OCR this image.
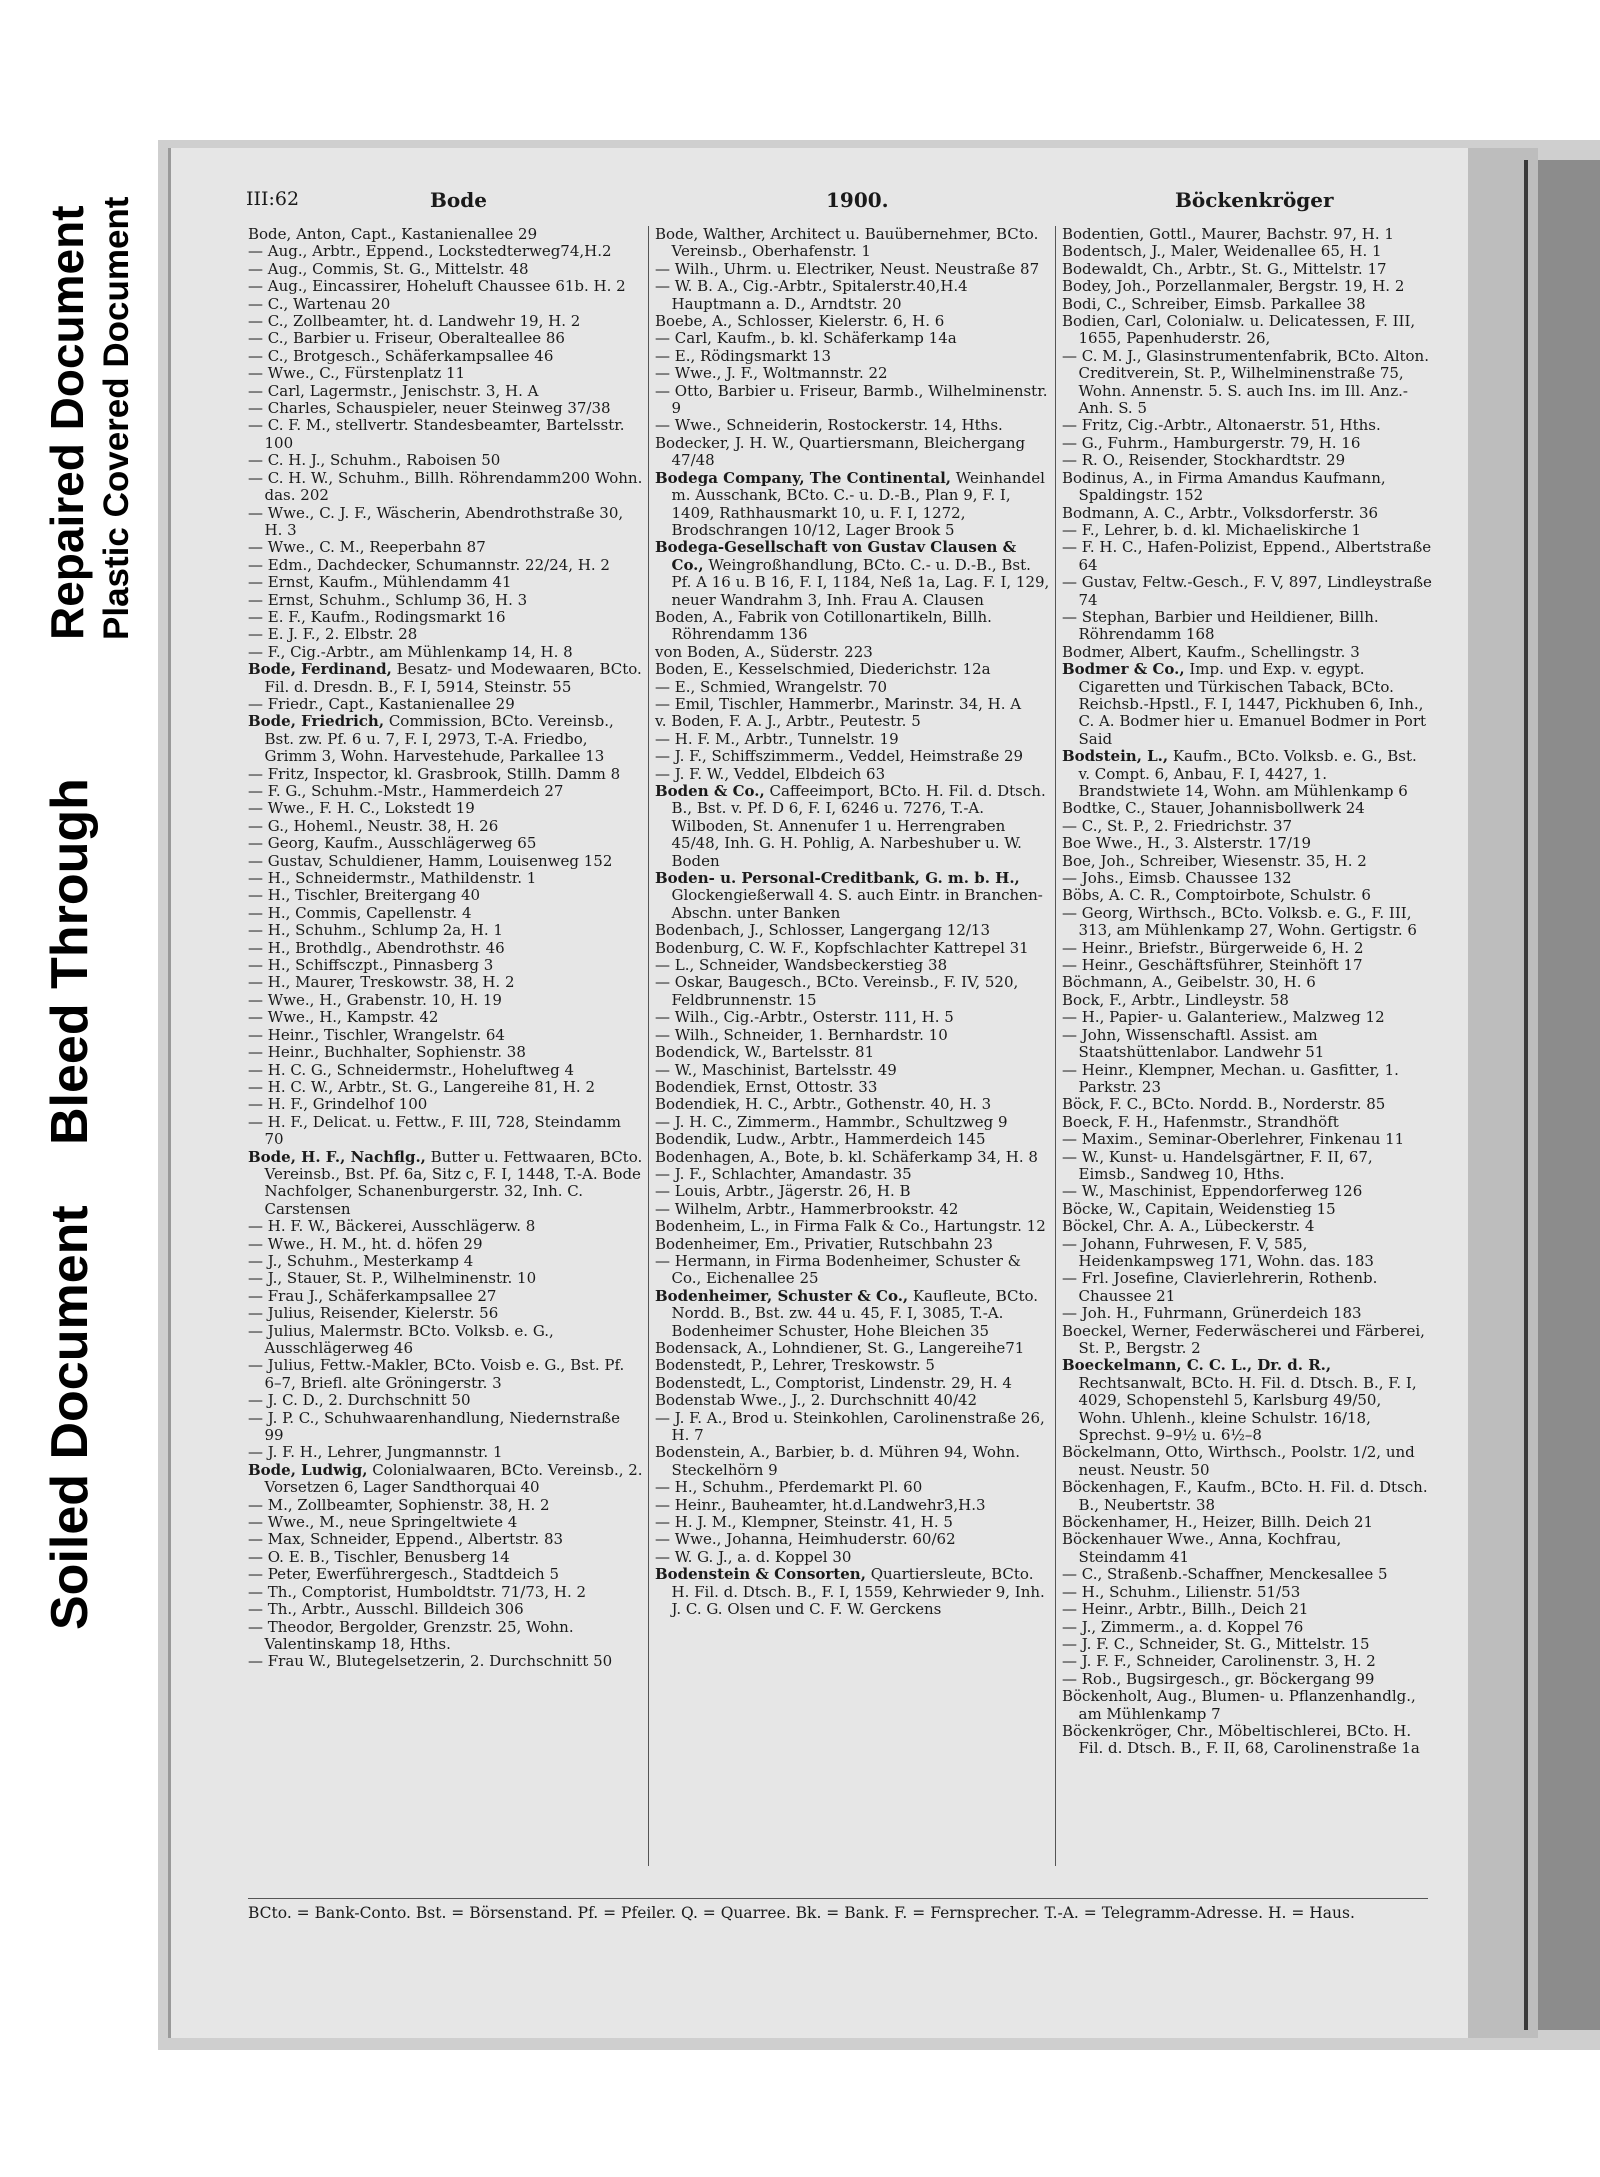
Soiled Document
Bleed Through
Repaired Document Plastic Covered Document	III:62	Bode	1900.	Böckenkröger

Bode, Anton, Capt., Kastanienallee 29

— Aug., Arbtr., Eppend., Lockstedterweg74,H.2

— Aug., Commis, St. G., Mittelstr. 48

— Aug., Eincassirer, Hoheluft Chaussee 61b. H. 2

— C., Wartenau 20

— C., Zollbeamter, ht. d. Landwehr 19, H. 2

— C., Barbier u. Friseur, Oberalteallee 86

— C., Brotgesch., Schäferkampsallee 46

— Wwe., C., Fürstenplatz 11

— Carl, Lagermstr., Jenischstr. 3, H. A

— Charles, Schauspieler, neuer Steinweg 37/38

— C. F. M., stellvertr. Standesbeamter, Bartelsstr. 100

— C. H. J., Schuhm., Raboisen 50

— C. H. W., Schuhm., Billh. Röhrendamm200 Wohn. das. 202

— Wwe., C. J. F., Wäscherin, Abendrothstraße 30, H. 3

— Wwe., C. M., Reeperbahn 87

— Edm., Dachdecker, Schumannstr. 22/24, H. 2

— Ernst, Kaufm., Mühlendamm 41

— Ernst, Schuhm., Schlump 36, H. 3

— E. F., Kaufm., Rodingsmarkt 16

— E. J. F., 2. Elbstr. 28

— F., Cig.-Arbtr., am Mühlenkamp 14, H. 8

Bode, Ferdinand, Besatz- und Modewaaren, BCto. Fil. d. Dresdn. B., F. I, 5914, Steinstr. 55

— Friedr., Capt., Kastanienallee 29

Bode, Friedrich, Commission, BCto. Vereinsb., Bst. zw. Pf. 6 u. 7, F. I, 2973, T.-A. Friedbo, Grimm 3, Wohn. Harvestehude, Parkallee 13

— Fritz, Inspector, kl. Grasbrook, Stillh. Damm 8

— F. G., Schuhm.-Mstr., Hammerdeich 27

— Wwe., F. H. C., Lokstedt 19

— G., Hoheml., Neustr. 38, H. 26

— Georg, Kaufm., Ausschlägerweg 65

— Gustav, Schuldiener, Hamm, Louisenweg 152

— H., Schneidermstr., Mathildenstr. 1

— H., Tischler, Breitergang 40

— H., Commis, Capellenstr. 4

— H., Schuhm., Schlump 2a, H. 1

— H., Brothdlg., Abendrothstr. 46

— H., Schiffsczpt., Pinnasberg 3

— H., Maurer, Treskowstr. 38, H. 2

— Wwe., H., Grabenstr. 10, H. 19

— Wwe., H., Kampstr. 42

— Heinr., Tischler, Wrangelstr. 64

— Heinr., Buchhalter, Sophienstr. 38

— H. C. G., Schneidermstr., Hoheluftweg 4

— H. C. W., Arbtr., St. G., Langereihe 81, H. 2

— H. F., Grindelhof 100

— H. F., Delicat. u. Fettw., F. III, 728, Steindamm 70

Bode, H. F., Nachflg., Butter u. Fettwaaren, BCto. Vereinsb., Bst. Pf. 6a, Sitz c, F. I, 1448, T.-A. Bode Nachfolger, Schanenburgerstr. 32, Inh. C. Carstensen

— H. F. W., Bäckerei, Ausschlägerw. 8

— Wwe., H. M., ht. d. höfen 29

— J., Schuhm., Mesterkamp 4

— J., Stauer, St. P., Wilhelminenstr. 10

— Frau J., Schäferkampsallee 27

— Julius, Reisender, Kielerstr. 56

— Julius, Malermstr. BCto. Volksb. e. G., Ausschlägerweg 46

— Julius, Fettw.-Makler, BCto. Voisb e. G., Bst. Pf. 6–7, Briefl. alte Gröningerstr. 3

— J. C. D., 2. Durchschnitt 50

— J. P. C., Schuhwaarenhandlung, Niedernstraße 99

— J. F. H., Lehrer, Jungmannstr. 1

Bode, Ludwig, Colonialwaaren, BCto. Vereinsb., 2. Vorsetzen 6, Lager Sandthorquai 40

— M., Zollbeamter, Sophienstr. 38, H. 2

— Wwe., M., neue Springeltwiete 4

— Max, Schneider, Eppend., Albertstr. 83

— O. E. B., Tischler, Benusberg 14

— Peter, Ewerführergesch., Stadtdeich 5

— Th., Comptorist, Humboldtstr. 71/73, H. 2

— Th., Arbtr., Ausschl. Billdeich 306

— Theodor, Bergolder, Grenzstr. 25, Wohn. Valentinskamp 18, Hths.

— Frau W., Blutegelsetzerin, 2. Durchschnitt 50

Bode, Walther, Architect u. Bauübernehmer, BCto. Vereinsb., Oberhafenstr. 1

— Wilh., Uhrm. u. Electriker, Neust. Neustraße 87

— W. B. A., Cig.-Arbtr., Spitalerstr.40,H.4 Hauptmann a. D., Arndtstr. 20

Boebe, A., Schlosser, Kielerstr. 6, H. 6

— Carl, Kaufm., b. kl. Schäferkamp 14a

— E., Rödingsmarkt 13

— Wwe., J. F., Woltmannstr. 22

— Otto, Barbier u. Friseur, Barmb., Wilhelminenstr. 9

— Wwe., Schneiderin, Rostockerstr. 14, Hths.

Bodecker, J. H. W., Quartiersmann, Bleichergang 47/48

Bodega Company, The Continental, Weinhandel m. Ausschank, BCto. C.- u. D.-B., Plan 9, F. I, 1409, Rathhausmarkt 10, u. F. I, 1272, Brodschrangen 10/12, Lager Brook 5

Bodega-Gesellschaft von Gustav Clausen & Co., Weingroßhandlung, BCto. C.- u. D.-B., Bst. Pf. A 16 u. B 16, F. I, 1184, Neß 1a, Lag. F. I, 129, neuer Wandrahm 3, Inh. Frau A. Clausen

Boden, A., Fabrik von Cotillonartikeln, Billh. Röhrendamm 136

von Boden, A., Süderstr. 223

Boden, E., Kesselschmied, Diederichstr. 12a

— E., Schmied, Wrangelstr. 70

— Emil, Tischler, Hammerbr., Marinstr. 34, H. A

v. Boden, F. A. J., Arbtr., Peutestr. 5

— H. F. M., Arbtr., Tunnelstr. 19

— J. F., Schiffszimmerm., Veddel, Heimstraße 29

— J. F. W., Veddel, Elbdeich 63

Boden & Co., Caffeeimport, BCto. H. Fil. d. Dtsch. B., Bst. v. Pf. D 6, F. I, 6246 u. 7276, T.-A. Wilboden, St. Annenufer 1 u. Herrengraben 45/48, Inh. G. H. Pohlig, A. Narbeshuber u. W. Boden

Boden- u. Personal-Creditbank, G. m. b. H., Glockengießerwall 4. S. auch Eintr. in Branchen-Abschn. unter Banken

Bodenbach, J., Schlosser, Langergang 12/13

Bodenburg, C. W. F., Kopfschlachter Kattrepel 31

— L., Schneider, Wandsbeckerstieg 38

— Oskar, Baugesch., BCto. Vereinsb., F. IV, 520, Feldbrunnenstr. 15

— Wilh., Cig.-Arbtr., Osterstr. 111, H. 5

— Wilh., Schneider, 1. Bernhardstr. 10

Bodendick, W., Bartelsstr. 81

— W., Maschinist, Bartelsstr. 49

Bodendiek, Ernst, Ottostr. 33

Bodendiek, H. C., Arbtr., Gothenstr. 40, H. 3

— J. H. C., Zimmerm., Hammbr., Schultzweg 9

Bodendik, Ludw., Arbtr., Hammerdeich 145

Bodenhagen, A., Bote, b. kl. Schäferkamp 34, H. 8

— J. F., Schlachter, Amandastr. 35

— Louis, Arbtr., Jägerstr. 26, H. B

— Wilhelm, Arbtr., Hammerbrookstr. 42

Bodenheim, L., in Firma Falk & Co., Hartungstr. 12

Bodenheimer, Em., Privatier, Rutschbahn 23

— Hermann, in Firma Bodenheimer, Schuster & Co., Eichenallee 25

Bodenheimer, Schuster & Co., Kaufleute, BCto. Nordd. B., Bst. zw. 44 u. 45, F. I, 3085, T.-A. Bodenheimer Schuster, Hohe Bleichen 35

Bodensack, A., Lohndiener, St. G., Langereihe71

Bodenstedt, P., Lehrer, Treskowstr. 5

Bodenstedt, L., Comptorist, Lindenstr. 29, H. 4

Bodenstab Wwe., J., 2. Durchschnitt 40/42

— J. F. A., Brod u. Steinkohlen, Carolinenstraße 26, H. 7

Bodenstein, A., Barbier, b. d. Mühren 94, Wohn. Steckelhörn 9

— H., Schuhm., Pferdemarkt Pl. 60

— Heinr., Bauheamter, ht.d.Landwehr3,H.3

— H. J. M., Klempner, Steinstr. 41, H. 5

— Wwe., Johanna, Heimhuderstr. 60/62

— W. G. J., a. d. Koppel 30

Bodenstein & Consorten, Quartiersleute, BCto. H. Fil. d. Dtsch. B., F. I, 1559, Kehrwieder 9, Inh. J. C. G. Olsen und C. F. W. Gerckens

Bodentien, Gottl., Maurer, Bachstr. 97, H. 1

Bodentsch, J., Maler, Weidenallee 65, H. 1

Bodewaldt, Ch., Arbtr., St. G., Mittelstr. 17

Bodey, Joh., Porzellanmaler, Bergstr. 19, H. 2

Bodi, C., Schreiber, Eimsb. Parkallee 38

Bodien, Carl, Colonialw. u. Delicatessen, F. III, 1655, Papenhuderstr. 26,

— C. M. J., Glasinstrumentenfabrik, BCto. Alton. Creditverein, St. P., Wilhelminenstraße 75, Wohn. Annenstr. 5. S. auch Ins. im Ill. Anz.-Anh. S. 5

— Fritz, Cig.-Arbtr., Altonaerstr. 51, Hths.

— G., Fuhrm., Hamburgerstr. 79, H. 16

— R. O., Reisender, Stockhardtstr. 29

Bodinus, A., in Firma Amandus Kaufmann, Spaldingstr. 152

Bodmann, A. C., Arbtr., Volksdorferstr. 36

— F., Lehrer, b. d. kl. Michaeliskirche 1

— F. H. C., Hafen-Polizist, Eppend., Albertstraße 64

— Gustav, Feltw.-Gesch., F. V, 897, Lindleystraße 74

— Stephan, Barbier und Heildiener, Billh. Röhrendamm 168

Bodmer, Albert, Kaufm., Schellingstr. 3

Bodmer & Co., Imp. und Exp. v. egypt. Cigaretten und Türkischen Taback, BCto. Reichsb.-Hpstl., F. I, 1447, Pickhuben 6, Inh., C. A. Bodmer hier u. Emanuel Bodmer in Port Said

Bodstein, L., Kaufm., BCto. Volksb. e. G., Bst. v. Compt. 6, Anbau, F. I, 4427, 1. Brandstwiete 14, Wohn. am Mühlenkamp 6

Bodtke, C., Stauer, Johannisbollwerk 24

— C., St. P., 2. Friedrichstr. 37

Boe Wwe., H., 3. Alsterstr. 17/19

Boe, Joh., Schreiber, Wiesenstr. 35, H. 2

— Johs., Eimsb. Chaussee 132

Böbs, A. C. R., Comptoirbote, Schulstr. 6

— Georg, Wirthsch., BCto. Volksb. e. G., F. III, 313, am Mühlenkamp 27, Wohn. Gertigstr. 6

— Heinr., Briefstr., Bürgerweide 6, H. 2

— Heinr., Geschäftsführer, Steinhöft 17

Böchmann, A., Geibelstr. 30, H. 6

Bock, F., Arbtr., Lindleystr. 58

— H., Papier- u. Galanteriew., Malzweg 12

— John, Wissenschaftl. Assist. am Staatshüttenlabor. Landwehr 51

— Heinr., Klempner, Mechan. u. Gasfitter, 1. Parkstr. 23

Böck, F. C., BCto. Nordd. B., Norderstr. 85

Boeck, F. H., Hafenmstr., Strandhöft

— Maxim., Seminar-Oberlehrer, Finkenau 11

— W., Kunst- u. Handelsgärtner, F. II, 67, Eimsb., Sandweg 10, Hths.

— W., Maschinist, Eppendorferweg 126

Böcke, W., Capitain, Weidenstieg 15

Böckel, Chr. A. A., Lübeckerstr. 4

— Johann, Fuhrwesen, F. V, 585, Heidenkampsweg 171, Wohn. das. 183

— Frl. Josefine, Clavierlehrerin, Rothenb. Chaussee 21

— Joh. H., Fuhrmann, Grünerdeich 183

Boeckel, Werner, Federwäscherei und Färberei, St. P., Bergstr. 2

Boeckelmann, C. C. L., Dr. d. R., Rechtsanwalt, BCto. H. Fil. d. Dtsch. B., F. I, 4029, Schopenstehl 5, Karlsburg 49/50, Wohn. Uhlenh., kleine Schulstr. 16/18, Sprechst. 9–9½ u. 6½–8

Böckelmann, Otto, Wirthsch., Poolstr. 1/2, und neust. Neustr. 50

Böckenhagen, F., Kaufm., BCto. H. Fil. d. Dtsch. B., Neubertstr. 38

Böckenhamer, H., Heizer, Billh. Deich 21

Böckenhauer Wwe., Anna, Kochfrau, Steindamm 41

— C., Straßenb.-Schaffner, Menckesallee 5

— H., Schuhm., Lilienstr. 51/53

— Heinr., Arbtr., Billh., Deich 21

— J., Zimmerm., a. d. Koppel 76

— J. F. C., Schneider, St. G., Mittelstr. 15

— J. F. F., Schneider, Carolinenstr. 3, H. 2

— Rob., Bugsirgesch., gr. Böckergang 99

Böckenholt, Aug., Blumen- u. Pflanzenhandlg., am Mühlenkamp 7

Böckenkröger, Chr., Möbeltischlerei, BCto. H. Fil. d. Dtsch. B., F. II, 68, Carolinenstraße 1a

BCto. = Bank-Conto. Bst. = Börsenstand. Pf. = Pfeiler. Q. = Quarree. Bk. = Bank. F. = Fernsprecher. T.-A. = Telegramm-Adresse. H. = Haus.
